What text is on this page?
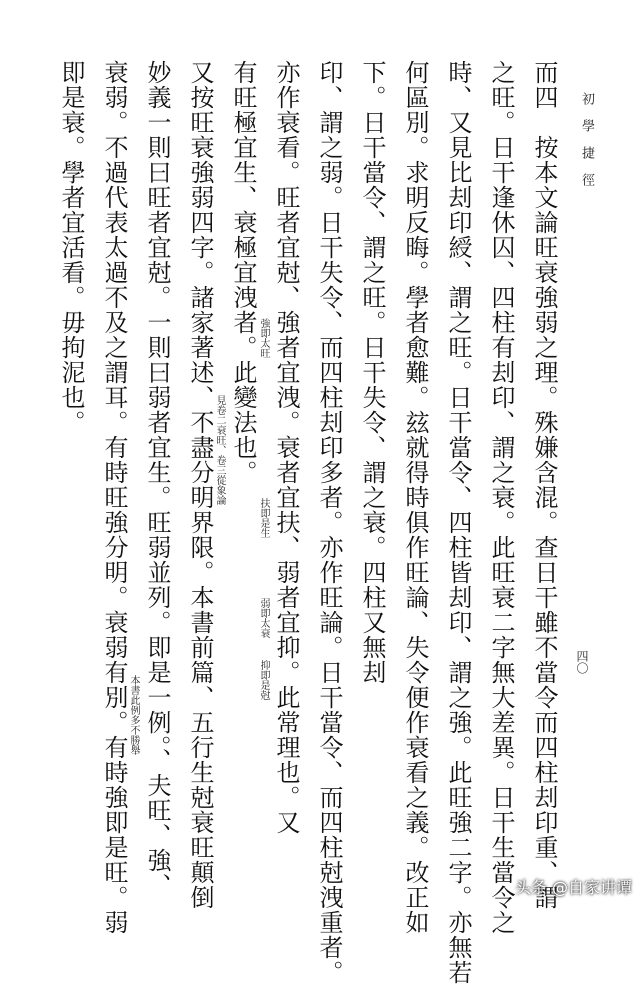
初學捷徑
四〇
而四　按本文論旺衰強弱之理。殊嫌含混。查日干雖不當令而四柱刦印重、謂
之旺。日干逢休囚、四柱有刦印、謂之衰。此旺衰二字無大差異。日干生當令之
時、又見比刦印綬、謂之旺。日干當令、四柱皆刦印、謂之強。此旺強二字。亦無若
何區別。求明反晦。學者愈難。玆就得時俱作旺論、失令便作衰看之義。改正如
下。日干當令、謂之旺。日干失令、謂之衰。四柱又無刦
印、謂之弱。日干失令、而四柱刦印多者。亦作旺論。日干當令、而四柱尅洩重者。
亦作衰看。旺者宜尅、強者宜洩。衰者宜扶、弱者宜抑。此常理也。又
有旺極宜生、衰極宜洩者。此變法也。
又按旺衰強弱四字。諸家著述、不盡分明界限。本書前篇、五行生尅衰旺顛倒
妙義一則曰旺者宜尅。一則曰弱者宜生。旺弱並列。即是一例。、夫旺、強、
衰弱。不過代表太過不及之謂耳。有時旺強分明。衰弱有別。有時強即是旺。弱
即是衰。學者宜活看。毋拘泥也。	強即太旺
扶即是生
弱即太衰
抑即是尅
見卷二衰旺、卷三從象論
本書此例多不勝舉
头条 @自家讲谭
